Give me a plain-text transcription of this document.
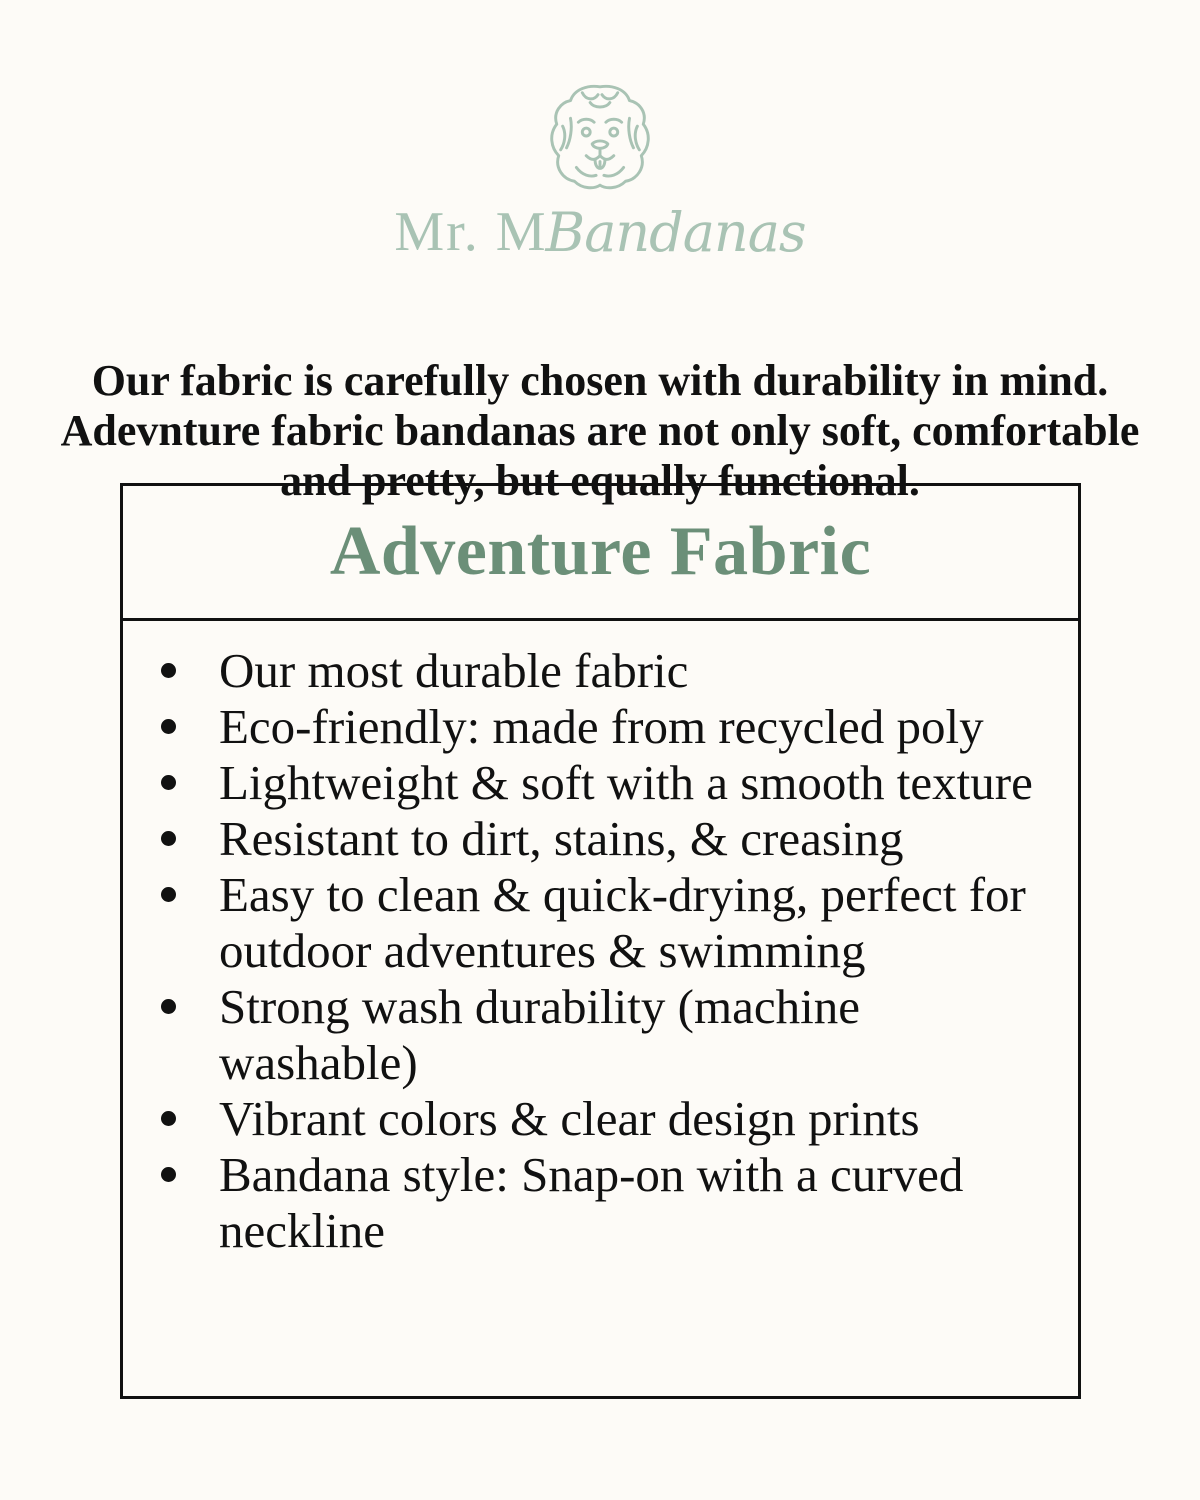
Mr. MBandanas

Our fabric is carefully chosen with durability in mind. Adevnture fabric bandanas are not only soft, comfortable and pretty, but equally functional.

Adventure Fabric
Our most durable fabric
Eco-friendly: made from recycled poly
Lightweight & soft with a smooth texture
Resistant to dirt, stains, & creasing
Easy to clean & quick-drying, perfect for outdoor adventures & swimming
Strong wash durability (machine washable)
Vibrant colors & clear design prints
Bandana style: Snap-on with a curved neckline
